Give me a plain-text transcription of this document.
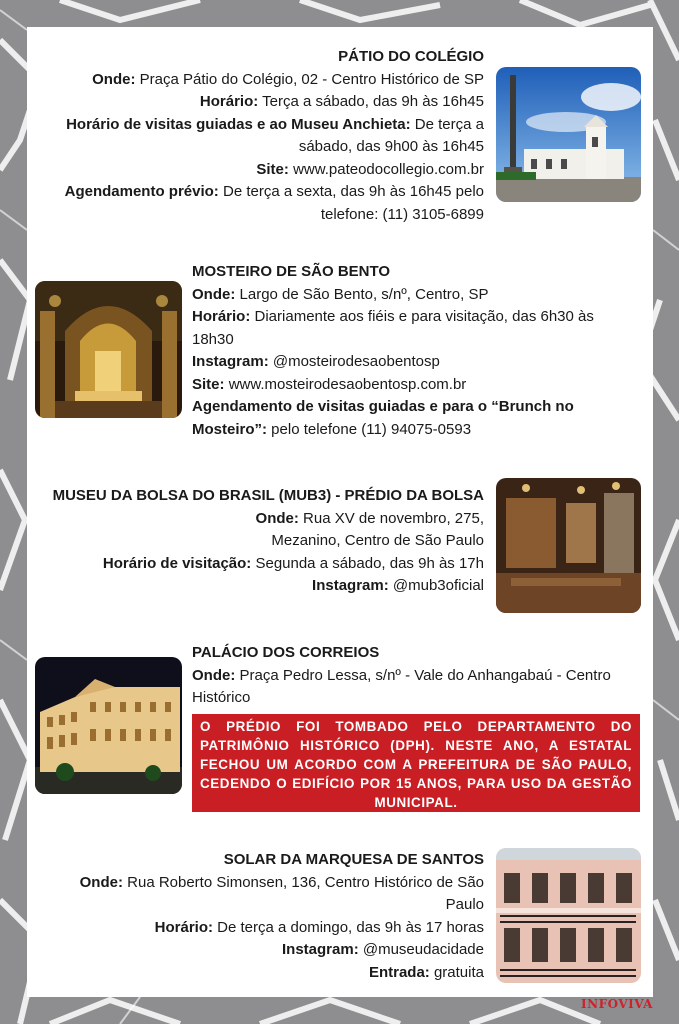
PÁTIO DO COLÉGIO
Onde: Praça Pátio do Colégio, 02 - Centro Histórico de SP
Horário: Terça a sábado, das 9h às 16h45
Horário de visitas guiadas e ao Museu Anchieta: De terça a sábado, das 9h00 às 16h45
Site: www.pateodocollegio.com.br
Agendamento prévio: De terça a sexta, das 9h às 16h45 pelo telefone: (11) 3105-6899
MOSTEIRO DE SÃO BENTO
Onde: Largo de São Bento, s/nº, Centro, SP
Horário: Diariamente aos fiéis e para visitação, das 6h30 às 18h30
Instagram: @mosteirodesaobentosp
Site: www.mosteirodesaobentosp.com.br
Agendamento de visitas guiadas e para o “Brunch no Mosteiro”: pelo telefone (11) 94075-0593
MUSEU DA BOLSA DO BRASIL (MUB3) - PRÉDIO DA BOLSA
Onde: Rua XV de novembro, 275, Mezanino, Centro de São Paulo
Horário de visitação: Segunda a sábado, das 9h às 17h
Instagram: @mub3oficial
PALÁCIO DOS CORREIOS
Onde: Praça Pedro Lessa, s/nº - Vale do Anhangabaú - Centro Histórico
O PRÉDIO FOI TOMBADO PELO DEPARTAMENTO DO PATRIMÔNIO HISTÓRICO (DPH). NESTE ANO, A ESTATAL FECHOU UM ACORDO COM A PREFEITURA DE SÃO PAULO, CEDENDO O EDIFÍCIO POR 15 ANOS, PARA USO DA GESTÃO MUNICIPAL.
SOLAR DA MARQUESA DE SANTOS
Onde: Rua Roberto Simonsen, 136, Centro Histórico de São Paulo
Horário: De terça a domingo, das 9h às 17 horas
Instagram: @museudacidade
Entrada: gratuita
INFOVIVA
